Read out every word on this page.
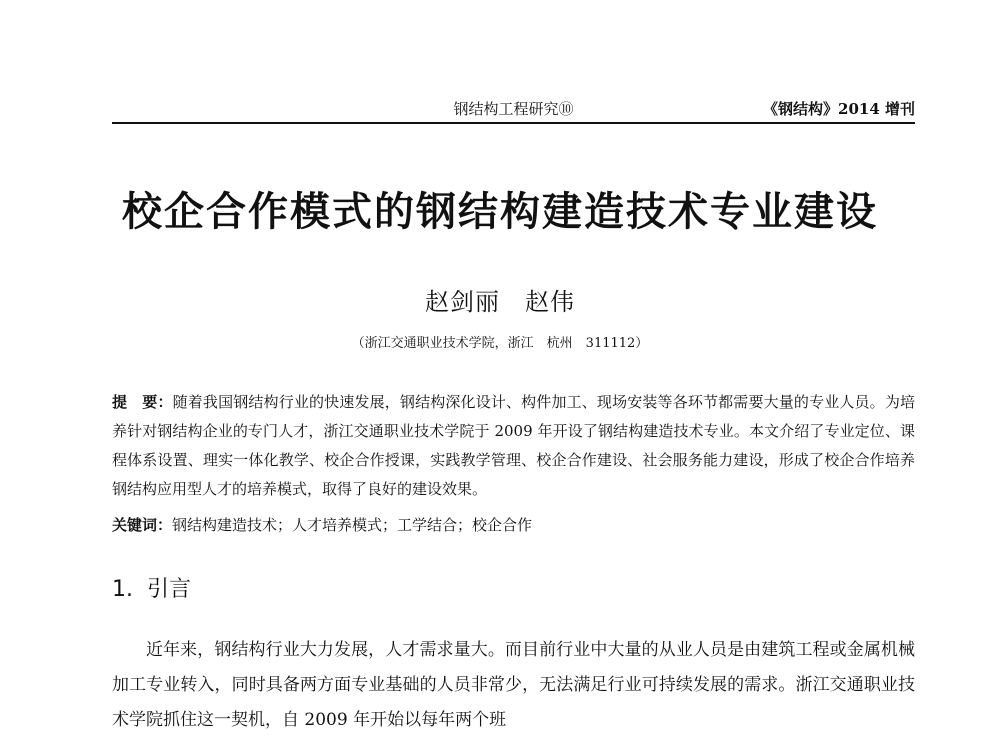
钢结构工程研究⑩	《钢结构》2014 增刊
校企合作模式的钢结构建造技术专业建设
赵剑丽　赵伟
（浙江交通职业技术学院，浙江　杭州　311112）
提　要：随着我国钢结构行业的快速发展，钢结构深化设计、构件加工、现场安装等各环节都需要大量的专业人员。为培养针对钢结构企业的专门人才，浙江交通职业技术学院于 2009 年开设了钢结构建造技术专业。本文介绍了专业定位、课程体系设置、理实一体化教学、校企合作授课，实践教学管理、校企合作建设、社会服务能力建设，形成了校企合作培养钢结构应用型人才的培养模式，取得了良好的建设效果。
关键词：钢结构建造技术；人才培养模式；工学结合；校企合作
1. 引言
近年来，钢结构行业大力发展，人才需求量大。而目前行业中大量的从业人员是由建筑工程或金属机械加工专业转入，同时具备两方面专业基础的人员非常少，无法满足行业可持续发展的需求。浙江交通职业技术学院抓住这一契机，自 2009 年开始以每年两个班
